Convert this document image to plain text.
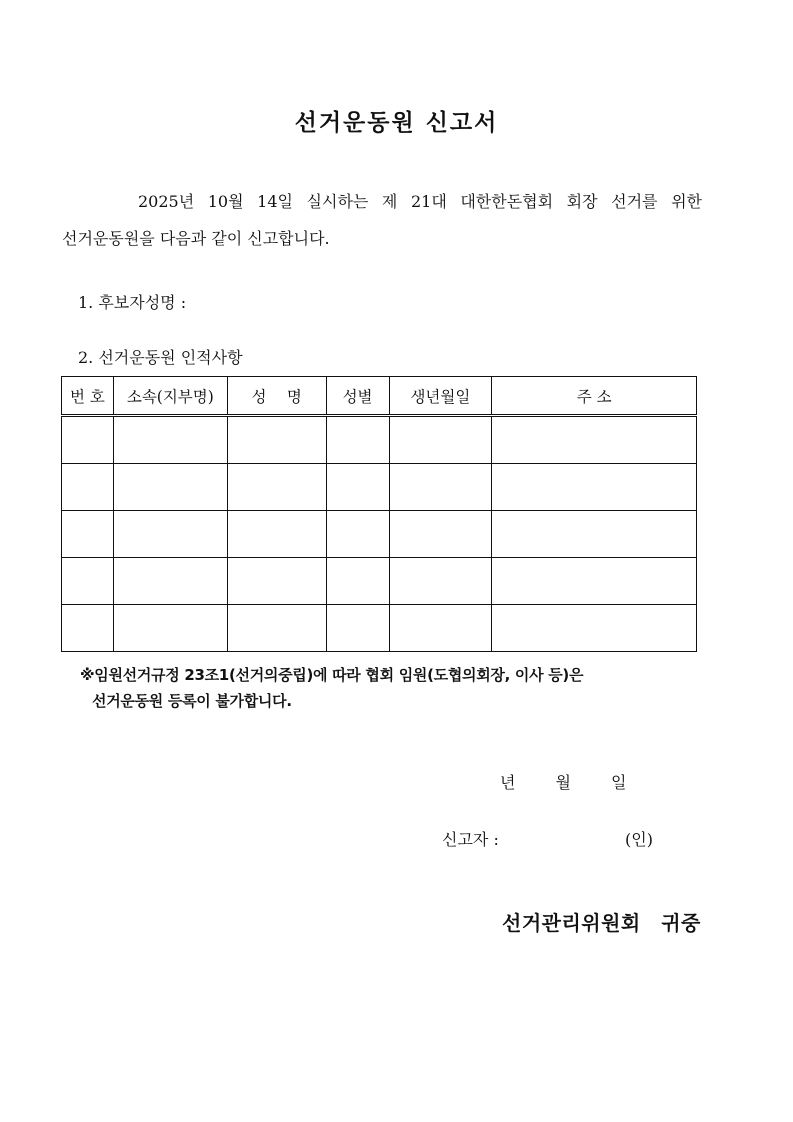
선거운동원 신고서
2025년 10월 14일 실시하는 제 21대 대한한돈협회 회장 선거를 위한
선거운동원을 다음과 같이 신고합니다.
1. 후보자성명 :
2. 선거운동원 인적사항
번 호	소속(지부명)	성　 명	성별	생년월일	주 소

※임원선거규정 23조1(선거의중립)에 따라 협회 임원(도협의회장, 이사 등)은
선거운동원 등록이 불가합니다.
년	월	일
신고자 :	(인)
선거관리위원회　귀중
